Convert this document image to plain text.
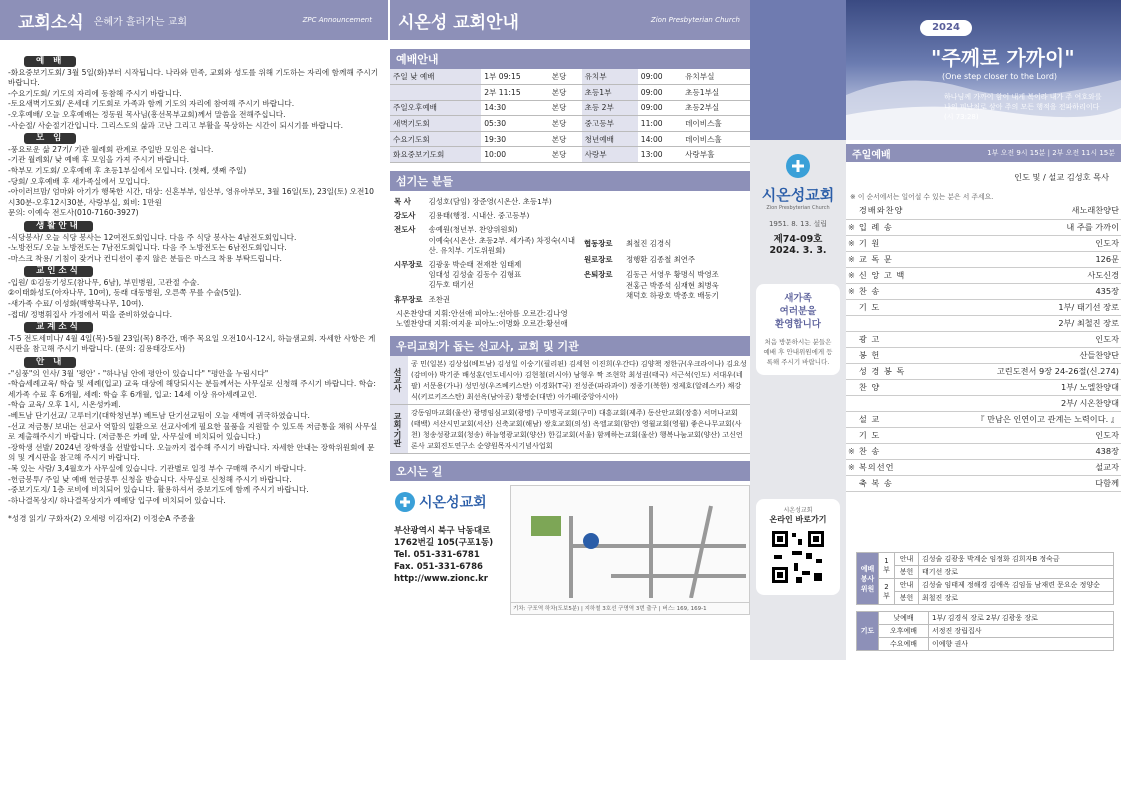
교회소식 은혜가 흘러가는 교회	ZPC Announcement
예 배

-화요중보기도회/ 3월 5일(화)부터 시작됩니다. 나라와 민족, 교회와 성도를 위해 기도하는 자리에 함께해 주시기 바랍니다.

-수요기도회/ 기도의 자리에 동참해 주시기 바랍니다.

-토요새벽기도회/ 온세대 기도회로 가족과 함께 기도의 자리에 참여해 주시기 바랍니다.

-오후예배/ 오늘 오후예배는 정동원 목사님(흥선목부교회)께서 말씀을 전해주십니다.

-사순절/ 사순절기간입니다. 그리스도의 삶과 고난 그리고 부활을 묵상하는 시간이 되시기를 바랍니다.

모 임

-풍요로운 삶 27기/ 기관 월례회 관계로 주일반 모임은 쉽니다.

-기관 월례회/ 낮 예배 후 모임을 가져 주시기 바랍니다.

-학부모 기도회/ 오후예배 후 초등1부실에서 모입니다. (첫째, 셋째 주일)

-당회/ 오후예배 후 새가족실에서 모입니다.

-아이러브맘/ 엄마와 아기가 행복한 시간, 대상: 신혼부부, 임산부, 영유아부모, 3월 16일(토), 23일(토) 오전10시30분-오후12시30분, 사랑부실, 회비: 1만원

문의: 이예숙 전도사(010-7160-3927)

생활안내

-식당봉사/ 오늘 식당 봉사는 12여전도회입니다. 다음 주 식당 봉사는 4남전도회입니다.

-노방전도/ 오늘 노방전도는 7남전도회입니다. 다음 주 노방전도는 6남전도회입니다.

-마스크 착용/ 기침이 잦거나 컨디션이 좋지 않은 분들은 마스크 착용 부탁드립니다.

교인소식

-입원/ ①김동기성도(참나무, 6남), 부민병원, 고관절 수술.

②이태화성도(아자나무, 10여), 동래 대동병원, 오른쪽 무릎 수술(5일).

-새가족 수료/ 이성화(백향목나무, 10여).

-접대/ 정병휘집사 가정에서 떡을 준비하였습니다.

교계소식

-T-5 전도세미나/ 4월 4일(목)-5월 23일(목) 8주간, 매주 목요일 오전10시-12시, 하늘샘교회. 자세한 사항은 게시판을 참고해 주시기 바랍니다. (문의: 김용태강도사)

안 내

-"심풍"의 인사/ 3월 '평안' - "하나님 안에 평안이 있습니다" "평안을 누림시다"

-학습세례교육/ 학습 및 세례(입교) 교육 대상에 해당되시는 분들께서는 사무실로 신청해 주시기 바랍니다. 학습: 세가족 수료 후 6개월, 세례: 학습 후 6개월, 입교: 14세 이상 유아세례교인.

-학습 교육/ 오후 1시, 시온성카페.

-베트남 단기선교/ 고루터기(대학청년부) 베트남 단기선교팀이 오늘 새벽에 귀국하였습니다.

-선교 저금통/ 보내는 선교사 역할의 일환으로 선교사에게 필요한 물품을 지원할 수 있도록 저금통을 채워 사무실로 제출해주시기 바랍니다. (저금통은 카페 앞, 사무실에 비치되어 있습니다.)

-장학생 선발/ 2024년 장학생을 선발합니다. 오늘까지 접수해 주시기 바랍니다. 자세한 안내는 장학위원회에 문의 및 게시판을 참고해 주시기 바랍니다.

-복 있는 사람/ 3,4월호가 사무실에 있습니다. 기관별로 일정 부수 구매해 주시기 바랍니다.

-헌금봉투/ 주일 낮 예배 헌금봉투 신청을 받습니다. 사무실로 신청해 주시기 바랍니다.

-중보기도지/ 1층 로비에 비치되어 있습니다. 활용하셔서 중보기도에 함께 주시기 바랍니다.

-하나결목상지/ 하나결목상지가 예배당 입구에 비치되어 있습니다.

*성경 읽기/ 구화자(2) 오세령 이김자(2) 이정순A 주종율

시온성 교회안내	Zion Presbyterian Church
예배안내
주일 낮 예배	1부 09:15	본당	유치부	09:00	유치부실
	2부 11:15	본당	초등1부	09:00	초등1부실
주일오후예배	14:30	본당	초등 2부	09:00	초등2부실
새벽기도회	05:30	본당	중고등부	11:00	데이비스홀
수요기도회	19:30	본당	청년예배	14:00	데이비스홀
화요중보기도회	10:00	본당	사랑부	13:00	사랑부홀
섬기는 분들
목 사	김성호(담임) 장준영(시온산. 초등1부)
강도사	김용태(행정. 시내산. 중고등부)
전도사	송예원(청년부. 찬양위원회)
이예숙(시온산. 초등2부. 세가족) 차정숙(시내산. 유치부. 기도위원회)
시무장로	김광웅 박순태 전재찬 임태제
임대성 김성술 김동수 김형표
김두호 태기선
휴무장로	조찬권
협동장로	최철진 김경식
원로장로	정행환 김종철 최연주
은퇴장로	김동근 서영우 황명식 박영조
전홍근 박종석 심재현 최병욱
채덕호 하광호 박종호 배동기
시온찬양대 지휘:안선애 피아노:선아름 오르간:김나영
노엘찬양대 지휘:여지윤 피아노:이명화 오르간:황선애
우리교회가 돕는 선교사, 교회 및 기관
선교사
공 민(일본) 김상섭(베트남) 김성일 이숭기(필리핀) 김세현 이진희(우간다) 김양책 정한규(우크라이나) 김요성(감비아) 박기준 배성훈(인도네시아) 김현철(러시아) 남형우 짝 조현학 최성권(태국) 서근석(인도) 서대우(네팔) 서문용(가나) 성민성(우즈베키스탄) 이경화(T국) 전성준(파라과이) 정종기(북한) 정제호(알레스카) 채강식(키르키즈스탄) 최선옥(남아공) 황병순(대만) 아가페(중앙아시아)
교회·기관	강동임마교회(울산) 광명임심교회(광명) 구미명곡교회(구미) 대흥교회(제주) 동산안교회(장흥) 서머나교회(태백) 서산시민교회(서산) 신축교회(해남) 쌍호교회(의성) 옥엘교회(함안) 영월교회(영월) 좋은나무교회(사천) 청송성광교회(청송) 하늘영광교회(양산) 한길교회(서울) 함께하는교회(울산) 행복나눔교회(양산) 고신언론사 교회진도연구소 순양원목자시기념사업회
오시는 길
시온성교회
부산광역시 북구 낙동대로
1762번길 105(구포1동)
Tel. 051-331-6781
Fax. 051-331-6786
http://www.zionc.kr
기차: 구포역 하차(도보5분) | 지하철 3호선 구명역 3번 출구 | 버스: 169, 169-1
시온성교회
Zion Presbyterian Church
1951. 8. 13. 설립
제74-09호
2024. 3. 3.
새가족
여러분을
환영합니다
처음 방문하시는 분들은 예배 후 안내위원에게 등록해 주시기 바랍니다.
시온성교회
온라인 바로가기
2024
"주께로 가까이"
(One step closer to the Lord)
하나님께 가까이 함이 내게 복이라 내가 주 여호와를 나의 피난처로 삼아 주의 모든 행적을 전파하리이다 (시 73:28)
주일예배	1부 오전 9시 15분 | 2부 오전 11시 15분
인도 및 / 설교 김성호 목사
※ 이 순서에서는 일어설 수 있는 분은 서 주세요.
	경배와찬양	새노래찬양단
※	입 례 송	내 주를 가까이
※	기 원	인도자
※	교 독 문	126문
※	신 앙 고 백	사도신경
※	찬 송	435장
	기 도	1부/ 태기선 장로
		2부/ 최철진 장로
	광 고	인도자
	봉 헌	산들찬양단
	성 경 봉 독	고린도전서 9장 24-26절(신.274)
	찬 양	1부/ 노엘찬양대
		2부/ 시온찬양대
	설 교	『 만남은 인연이고 관계는 노력이다. 』
	기 도	인도자
※	찬 송	438장
※	복의선언	설교자
	축 복 송	다함께
예배봉사위원	1부	안내	김성술 김광웅 박계순 임정화 김희자B 정숙금
		봉헌	태기선 장로
	2부	안내	김성술 임태제 정해경 김애옥 김임돌 남재련 문요순 정양순
		봉헌	최철진 장로
기도	낮예배	1부/ 김경식 장로 2부/ 김광웅 장로
	오후예배	서정진 장립집사
	수요예배	이예향 권사
